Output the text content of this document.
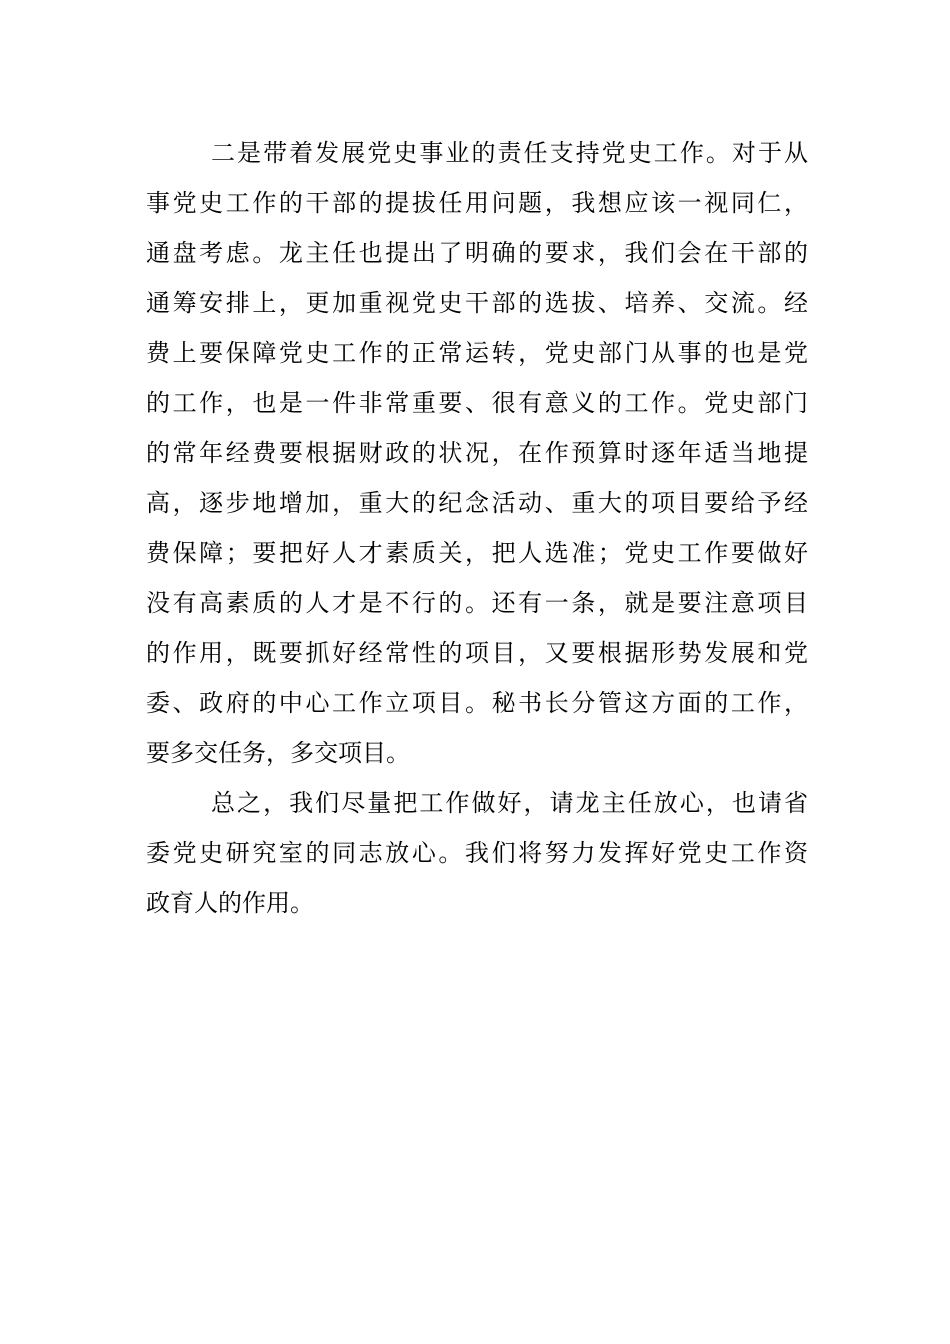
二是带着发展党史事业的责任支持党史工作。对于从
事党史工作的干部的提拔任用问题，我想应该一视同仁，
通盘考虑。龙主任也提出了明确的要求，我们会在干部的
通筹安排上，更加重视党史干部的选拔、培养、交流。经
费上要保障党史工作的正常运转，党史部门从事的也是党
的工作，也是一件非常重要、很有意义的工作。党史部门
的常年经费要根据财政的状况，在作预算时逐年适当地提
高，逐步地增加，重大的纪念活动、重大的项目要给予经
费保障；要把好人才素质关，把人选准；党史工作要做好
没有高素质的人才是不行的。还有一条，就是要注意项目
的作用，既要抓好经常性的项目，又要根据形势发展和党
委、政府的中心工作立项目。秘书长分管这方面的工作，
要多交任务，多交项目。
总之，我们尽量把工作做好，请龙主任放心，也请省
委党史研究室的同志放心。我们将努力发挥好党史工作资
政育人的作用。
